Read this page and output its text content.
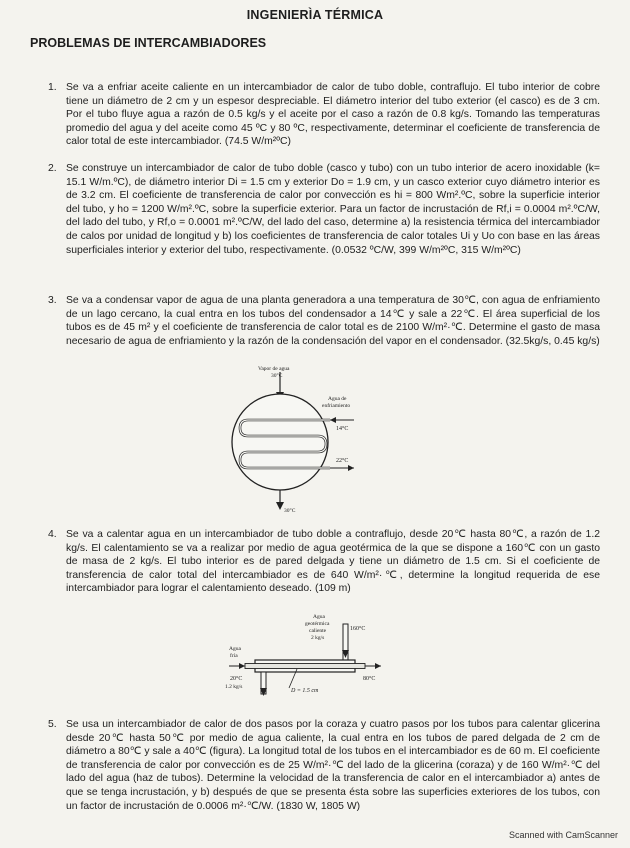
INGENIERÌA TÉRMICA
PROBLEMAS DE INTERCAMBIADORES
1. Se va a enfriar aceite caliente en un intercambiador de calor de tubo doble, contraflujo. El tubo interior de cobre tiene un diámetro de 2 cm y un espesor despreciable. El diámetro interior del tubo exterior (el casco) es de 3 cm. Por el tubo fluye agua a razón de 0.5 kg/s y el aceite por el caso a razón de 0.8 kg/s. Tomando las temperaturas promedio del agua y del aceite como 45 ºC y 80 ºC, respectivamente, determinar el coeficiente de transferencia de calor total de este intercambiador. (74.5 W/m²ºC)
2. Se construye un intercambiador de calor de tubo doble (casco y tubo) con un tubo interior de acero inoxidable (k= 15.1 W/m.ºC), de diámetro interior Di = 1.5 cm y exterior Do = 1.9 cm, y un casco exterior cuyo diámetro interior es de 3.2 cm. El coeficiente de transferencia de calor por convección es hi = 800 Wm².ºC, sobre la superficie interior del tubo, y ho = 1200 W/m².ºC, sobre la superficie exterior. Para un factor de incrustación de Rf,i = 0.0004 m².ºC/W, del lado del tubo, y Rf,o = 0.0001 m².ºC/W, del lado del caso, determine a) la resistencia térmica del intercambiador de calos por unidad de longitud y b) los coeficientes de transferencia de calor totales Ui y Uo con base en las áreas superficiales interior y exterior del tubo, respectivamente. (0.0532 ºC/W, 399 W/m²ºC, 315 W/m²ºC)
3. Se va a condensar vapor de agua de una planta generadora a una temperatura de 30℃, con agua de enfriamiento de un lago cercano, la cual entra en los tubos del condensador a 14℃ y sale a 22℃. El área superficial de los tubos es de 45 m² y el coeficiente de transferencia de calor total es de 2100 W/m²·℃. Determine el gasto de masa necesario de agua de enfriamiento y la razón de la condensación del vapor en el condensador. (32.5kg/s, 0.45 kg/s)
Vapor de agua
30°C
Agua de
enfriamiento
14°C
22°C
30°C
4. Se va a calentar agua en un intercambiador de tubo doble a contraflujo, desde 20℃ hasta 80℃, a razón de 1.2 kg/s. El calentamiento se va a realizar por medio de agua geotérmica de la que se dispone a 160℃ con un gasto de masa de 2 kg/s. El tubo interior es de pared delgada y tiene un diámetro de 1.5 cm. Si el coeficiente de transferencia de calor total del intercambiador es de 640 W/m²·℃, determine la longitud requerida de ese intercambiador para lograr el calentamiento deseado. (109 m)
Agua
geotérmica
caliente
2 kg/s
160°C
Agua
fría
20°C
1.2 kg/s
80°C
D = 1.5 cm
5. Se usa un intercambiador de calor de dos pasos por la coraza y cuatro pasos por los tubos para calentar glicerina desde 20℃ hasta 50℃ por medio de agua caliente, la cual entra en los tubos de pared delgada de 2 cm de diámetro a 80℃ y sale a 40℃ (figura). La longitud total de los tubos en el intercambiador es de 60 m. El coeficiente de transferencia de calor por convección es de 25 W/m²·℃ del lado de la glicerina (coraza) y de 160 W/m²·℃ del lado del agua (haz de tubos). Determine la velocidad de la transferencia de calor en el intercambiador a) antes de que se tenga incrustación, y b) después de que se presenta ésta sobre las superficies exteriores de los tubos, con un factor de incrustación de 0.0006 m²·℃/W. (1830 W, 1805 W)
Scanned with CamScanner
